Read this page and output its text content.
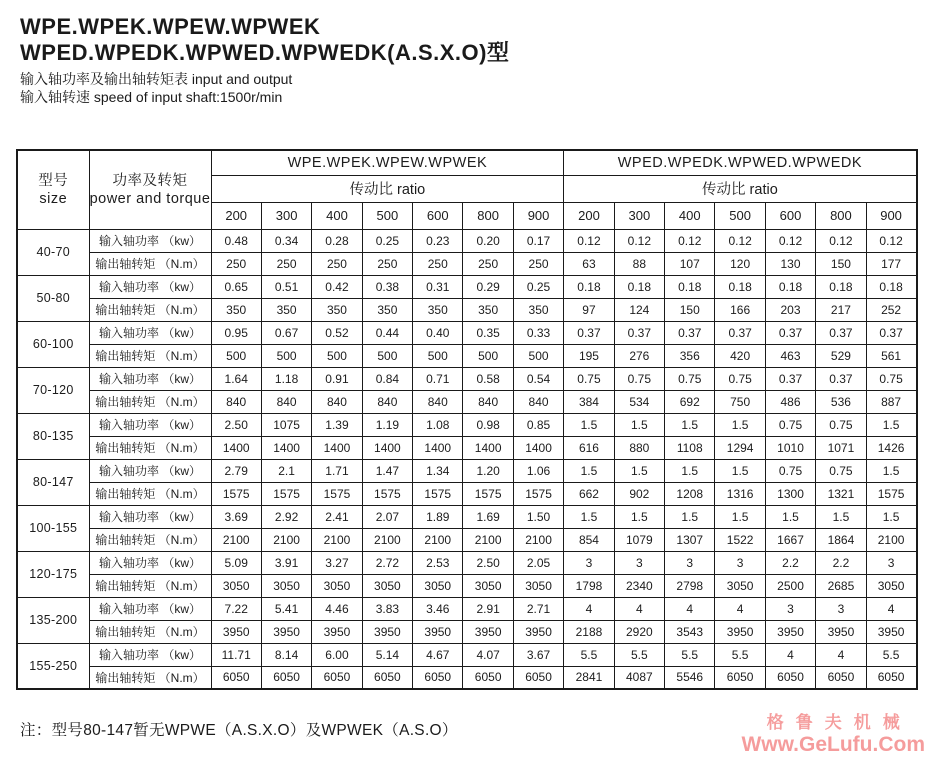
WPE.WPEK.WPEW.WPWEK
WPED.WPEDK.WPWED.WPWEDK(A.S.X.O)型
输入轴功率及输出轴转矩表 input and output
输入轴转速 speed of input shaft:1500r/min
型号
size	功率及转矩
power and torque	WPE.WPEK.WPEW.WPWEK							WPED.WPEDK.WPWED.WPWEDK						
		传动比 ratio							传动比 ratio						
		200	300	400	500	600	800	900	200	300	400	500	600	800	900
40-70	输入轴功率 （kw）	0.48	0.34	0.28	0.25	0.23	0.20	0.17	0.12	0.12	0.12	0.12	0.12	0.12	0.12
	输出轴转矩 （N.m）	250	250	250	250	250	250	250	63	88	107	120	130	150	177
50-80	输入轴功率 （kw）	0.65	0.51	0.42	0.38	0.31	0.29	0.25	0.18	0.18	0.18	0.18	0.18	0.18	0.18
	输出轴转矩 （N.m）	350	350	350	350	350	350	350	97	124	150	166	203	217	252
60-100	输入轴功率 （kw）	0.95	0.67	0.52	0.44	0.40	0.35	0.33	0.37	0.37	0.37	0.37	0.37	0.37	0.37
	输出轴转矩 （N.m）	500	500	500	500	500	500	500	195	276	356	420	463	529	561
70-120	输入轴功率 （kw）	1.64	1.18	0.91	0.84	0.71	0.58	0.54	0.75	0.75	0.75	0.75	0.37	0.37	0.75
	输出轴转矩 （N.m）	840	840	840	840	840	840	840	384	534	692	750	486	536	887
80-135	输入轴功率 （kw）	2.50	1075	1.39	1.19	1.08	0.98	0.85	1.5	1.5	1.5	1.5	0.75	0.75	1.5
	输出轴转矩 （N.m）	1400	1400	1400	1400	1400	1400	1400	616	880	1108	1294	1010	1071	1426
80-147	输入轴功率 （kw）	2.79	2.1	1.71	1.47	1.34	1.20	1.06	1.5	1.5	1.5	1.5	0.75	0.75	1.5
	输出轴转矩 （N.m）	1575	1575	1575	1575	1575	1575	1575	662	902	1208	1316	1300	1321	1575
100-155	输入轴功率 （kw）	3.69	2.92	2.41	2.07	1.89	1.69	1.50	1.5	1.5	1.5	1.5	1.5	1.5	1.5
	输出轴转矩 （N.m）	2100	2100	2100	2100	2100	2100	2100	854	1079	1307	1522	1667	1864	2100
120-175	输入轴功率 （kw）	5.09	3.91	3.27	2.72	2.53	2.50	2.05	3	3	3	3	2.2	2.2	3
	输出轴转矩 （N.m）	3050	3050	3050	3050	3050	3050	3050	1798	2340	2798	3050	2500	2685	3050
135-200	输入轴功率 （kw）	7.22	5.41	4.46	3.83	3.46	2.91	2.71	4	4	4	4	3	3	4
	输出轴转矩 （N.m）	3950	3950	3950	3950	3950	3950	3950	2188	2920	3543	3950	3950	3950	3950
155-250	输入轴功率 （kw）	11.71	8.14	6.00	5.14	4.67	4.07	3.67	5.5	5.5	5.5	5.5	4	4	5.5
	输出轴转矩 （N.m）	6050	6050	6050	6050	6050	6050	6050	2841	4087	5546	6050	6050	6050	6050
注：型号80-147暂无WPWE（A.S.X.O）及WPWEK（A.S.O）	格鲁夫机械
Www.GeLufu.Com
